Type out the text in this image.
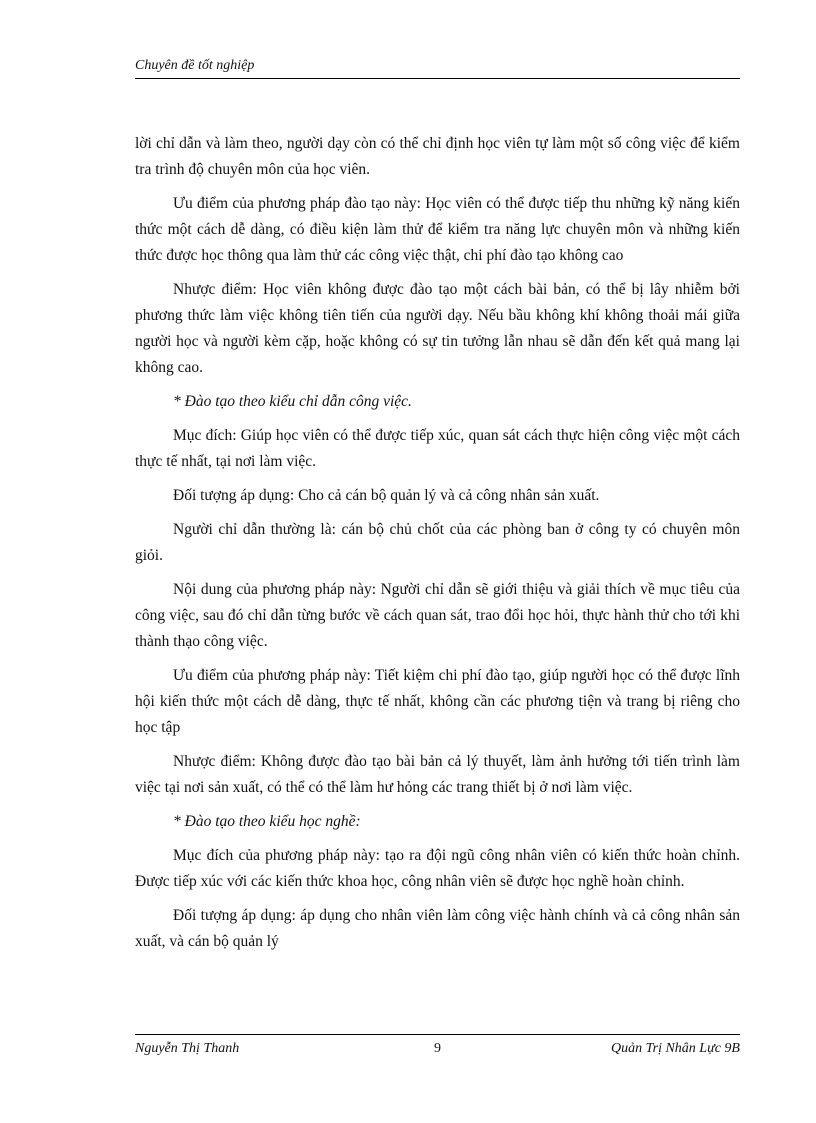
Chuyên đề tốt nghiệp

lời chỉ dẫn và làm theo, người dạy còn có thể chỉ định học viên tự làm một số công việc để kiểm tra trình độ chuyên môn của học viên.

Ưu điểm của phương pháp đào tạo này: Học viên có thể được tiếp thu những kỹ năng kiến thức một cách dễ dàng, có điều kiện làm thử để kiểm tra năng lực chuyên môn và những kiến thức được học thông qua làm thử các công việc thật, chi phí đào tạo không cao

Nhược điểm: Học viên không được đào tạo một cách bài bản, có thể bị lây nhiễm bởi phương thức làm việc không tiên tiến của người dạy. Nếu bầu không khí không thoải mái giữa người học và người kèm cặp, hoặc không có sự tin tưởng lẫn nhau sẽ dẫn đến kết quả mang lại không cao.

* Đào tạo theo kiểu chỉ dẫn công việc.

Mục đích: Giúp học viên có thể được tiếp xúc, quan sát cách thực hiện công việc một cách thực tế nhất, tại nơi làm việc.

Đối tượng áp dụng: Cho cả cán bộ quản lý và cả công nhân sản xuất.

Người chỉ dẫn thường là: cán bộ chủ chốt của các phòng ban ở công ty có chuyên môn giỏi.

Nội dung của phương pháp này: Người chỉ dẫn sẽ giới thiệu và giải thích về mục tiêu của công việc, sau đó chỉ dẫn từng bước về cách quan sát, trao đổi học hỏi, thực hành thử cho tới khi thành thạo công việc.

Ưu điểm của phương pháp này: Tiết kiệm chi phí đào tạo, giúp người học có thể được lĩnh hội kiến thức một cách dễ dàng, thực tế nhất, không cần các phương tiện và trang bị riêng cho học tập

Nhược điểm: Không được đào tạo bài bản cả lý thuyết, làm ảnh hưởng tới tiến trình làm việc tại nơi sản xuất, có thể có thể làm hư hỏng các trang thiết bị ở nơi làm việc.

* Đào tạo theo kiểu học nghề:

Mục đích của phương pháp này: tạo ra đội ngũ công nhân viên có kiến thức hoàn chỉnh. Được tiếp xúc với các kiến thức khoa học, công nhân viên sẽ được học nghề hoàn chỉnh.

Đối tượng áp dụng: áp dụng cho nhân viên làm công việc hành chính và cả công nhân sản xuất, và cán bộ quản lý

Nguyễn Thị Thanh	9	Quản Trị Nhân Lực 9B
